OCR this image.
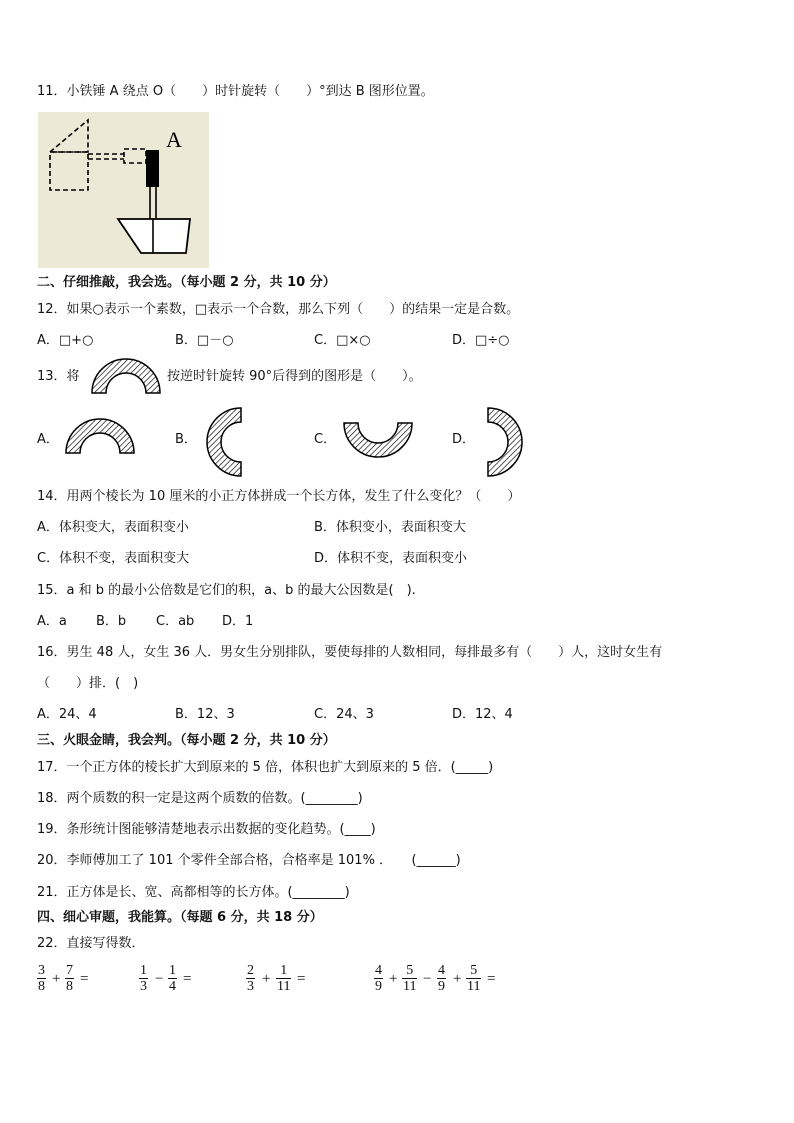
11．小铁锤 A 绕点 O（　　）时针旋转（　　）°到达 B 图形位置。
A
二、仔细推敲，我会选。（每小题 2 分，共 10 分）
12．如果○表示一个素数，□表示一个合数，那么下列（　　）的结果一定是合数。
A．□+○	B．□－○	C．□×○	D．□÷○
13．将	按逆时针旋转 90°后得到的图形是（　　）。
A．	B．	C．	D．
14．用两个棱长为 10 厘米的小正方体拼成一个长方体，发生了什么变化？（　　）
A．体积变大，表面积变小	B．体积变小，表面积变大
C．体积不变，表面积变大	D．体积不变，表面积变小
15．a 和 b 的最小公倍数是它们的积，a、b 的最大公因数是(　).
A．a B．b C．ab D．1
16．男生 48 人，女生 36 人．男女生分别排队，要使每排的人数相同，每排最多有（　　）人，这时女生有
（　　）排．(　)
A．24、4	B．12、3	C．24、3	D．12、4
三、火眼金睛，我会判。（每小题 2 分，共 10 分）
17．一个正方体的棱长扩大到原来的 5 倍，体积也扩大到原来的 5 倍．(_____)
18．两个质数的积一定是这两个质数的倍数。(________)
19．条形统计图能够清楚地表示出数据的变化趋势。(____)
20．李师傅加工了 101 个零件全部合格，合格率是 101% ．　　(______)
21．正方体是长、宽、高都相等的长方体。(________)
四、细心审题，我能算。（每题 6 分，共 18 分）
22．直接写得数．
$\frac{3}{8} + \frac{7}{8}$ =	$\frac{1}{3} - \frac{1}{4}$ =	$\frac{2}{3} + \frac{1}{11}$ =	$\frac{4}{9} + \frac{5}{11} - \frac{4}{9} + \frac{5}{11}$ =
